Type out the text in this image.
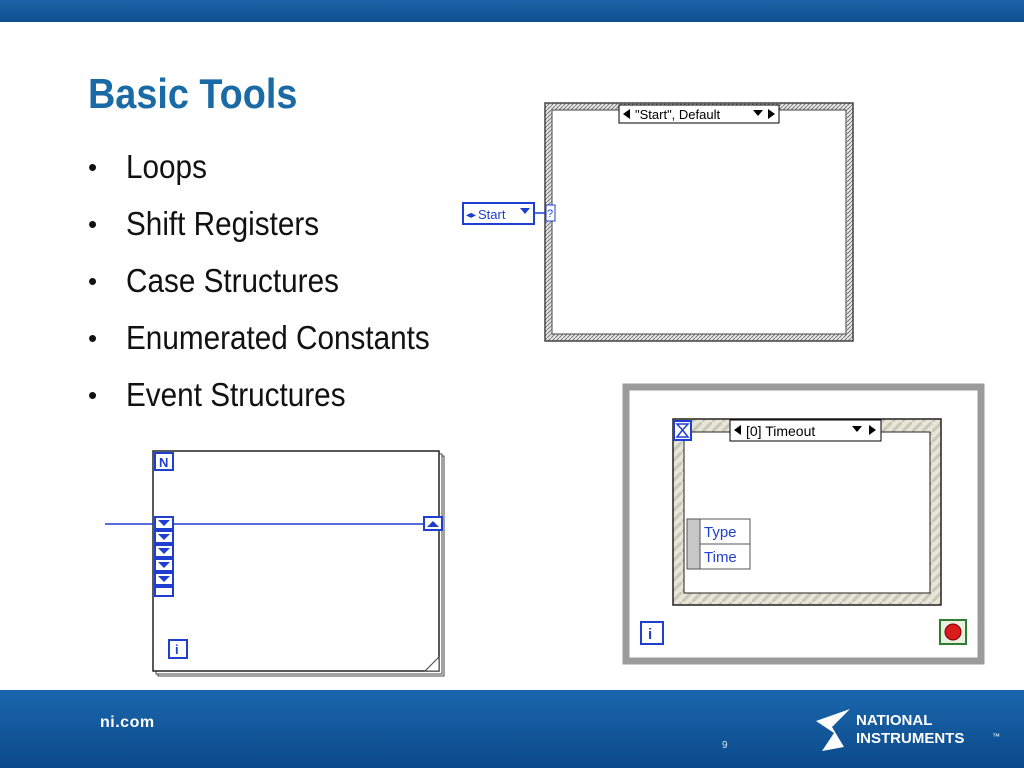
Basic Tools
• Loops
• Shift Registers
• Case Structures
• Enumerated Constants
• Event Structures
"Start", Default
◂▸ Start	?
N
i
[0] Timeout
Type
Time
i
ni.com
9
NATIONAL
INSTRUMENTS	™
